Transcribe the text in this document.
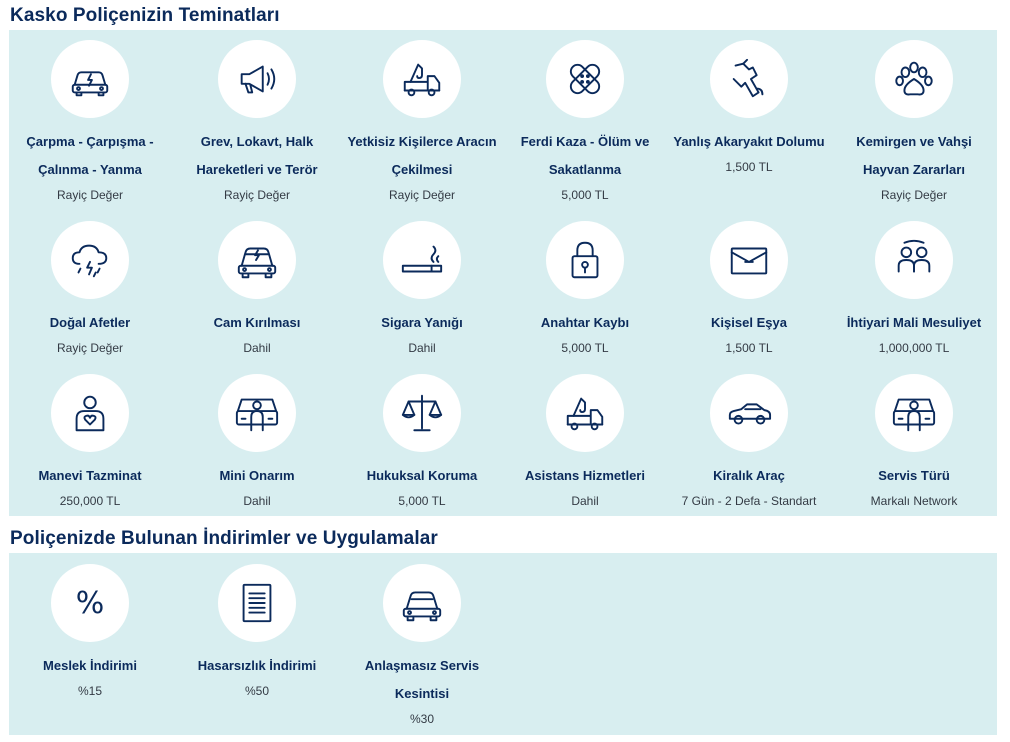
Kasko Poliçenizin Teminatları
Çarpma - Çarpışma - Çalınma - Yanma
Rayiç Değer
Grev, Lokavt, Halk Hareketleri ve Terör
Rayiç Değer
Yetkisiz Kişilerce Aracın Çekilmesi
Rayiç Değer
Ferdi Kaza - Ölüm ve Sakatlanma
5,000 TL
Yanlış Akaryakıt Dolumu
1,500 TL
Kemirgen ve Vahşi Hayvan Zararları
Rayiç Değer
Doğal Afetler
Rayiç Değer
Cam Kırılması
Dahil
Sigara Yanığı
Dahil
Anahtar Kaybı
5,000 TL
Kişisel Eşya
1,500 TL
İhtiyari Mali Mesuliyet
1,000,000 TL
Manevi Tazminat
250,000 TL
Mini Onarım
Dahil
Hukuksal Koruma
5,000 TL
Asistans Hizmetleri
Dahil
Kiralık Araç
7 Gün - 2 Defa - Standart
Servis Türü
Markalı Network
Poliçenizde Bulunan İndirimler ve Uygulamalar
%
Meslek İndirimi
%15
Hasarsızlık İndirimi
%50
Anlaşmasız Servis Kesintisi
%30
